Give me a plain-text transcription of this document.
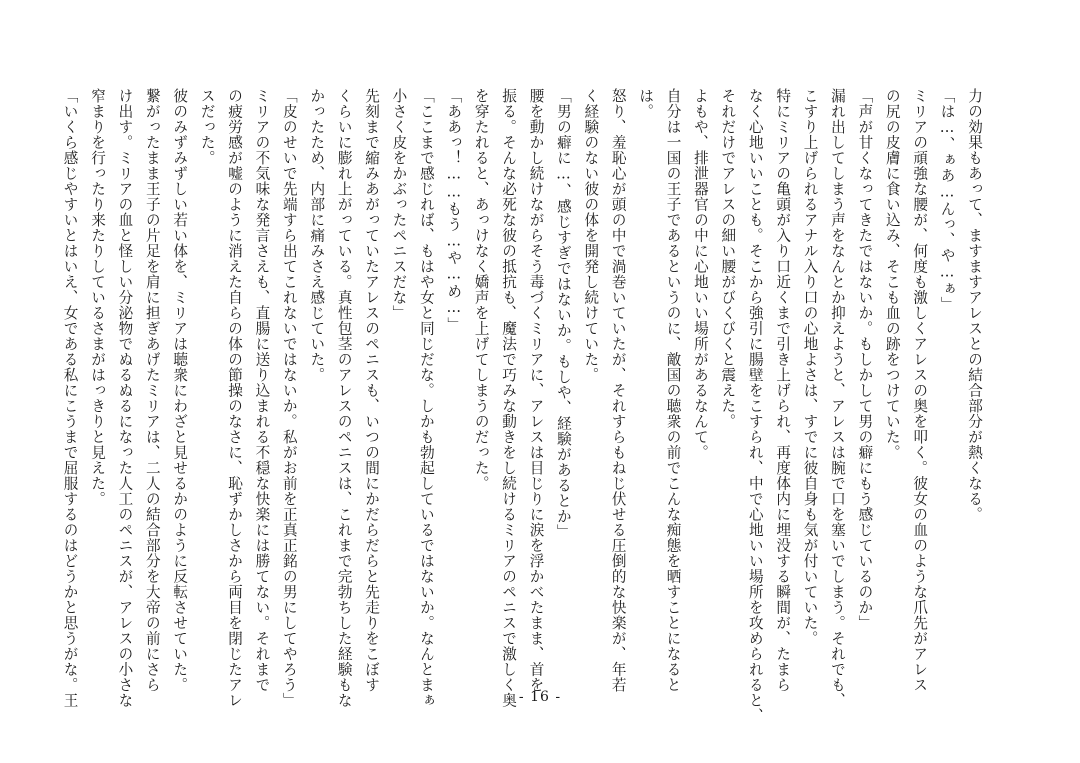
力の効果もあって、ますますアレスとの結合部分が熱くなる。
「は…、ぁあ…んっ、や…ぁ」
ミリアの頑強な腰が、何度も激しくアレスの奥を叩く。彼女の血のような爪先がアレス
の尻の皮膚に食い込み、そこも血の跡をつけていた。
「声が甘くなってきたではないか。もしかして男の癖にもう感じているのか」
漏れ出してしまう声をなんとか抑えようと、アレスは腕で口を塞いでしまう。それでも、
こすり上げられるアナル入り口の心地よさは、すでに彼自身も気が付いていた。
特にミリアの亀頭が入り口近くまで引き上げられ、再度体内に埋没する瞬間が、たまら
なく心地いいことも。そこから強引に腸壁をこすられ、中で心地いい場所を攻められると、
それだけでアレスの細い腰がびくびくと震えた。
よもや、排泄器官の中に心地いい場所があるなんて。
自分は一国の王子であるというのに、敵国の聴衆の前でこんな痴態を晒すことになると
は。
怒り、羞恥心が頭の中で渦巻いていたが、それすらもねじ伏せる圧倒的な快楽が、年若
く経験のない彼の体を開発し続けていた。
「男の癖に…、感じすぎではないか。もしや、経験があるとか」
腰を動かし続けながらそう毒づくミリアに、アレスは目じりに涙を浮かべたまま、首を
振る。そんな必死な彼の抵抗も、魔法で巧みな動きをし続けるミリアのペニスで激しく奥
を穿たれると、あっけなく嬌声を上げてしまうのだった。
「ああっ！……もう…や…め…」
「ここまで感じれば、もはや女と同じだな。しかも勃起しているではないか。なんとまぁ
小さく皮をかぶったペニスだな」
先刻まで縮みあがっていたアレスのペニスも、いつの間にかだらだらと先走りをこぼす
くらいに膨れ上がっている。真性包茎のアレスのペニスは、これまで完勃ちした経験もな
かったため、内部に痛みさえ感じていた。
「皮のせいで先端すら出てこれないではないか。私がお前を正真正銘の男にしてやろう」
ミリアの不気味な発言さえも、直腸に送り込まれる不穏な快楽には勝てない。それまで
の疲労感が嘘のように消えた自らの体の節操のなさに、恥ずかしさから両目を閉じたアレ
スだった。
彼のみずみずしい若い体を、ミリアは聴衆にわざと見せるかのように反転させていた。
繋がったまま王子の片足を肩に担ぎあげたミリアは、二人の結合部分を大帝の前にさら
け出す。ミリアの血と怪しい分泌物でぬるぬるになった人工のペニスが、アレスの小さな
窄まりを行ったり来たりしているさまがはっきりと見えた。
「いくら感じやすいとはいえ、女である私にこうまで屈服するのはどうかと思うがな。王	- 16 -
